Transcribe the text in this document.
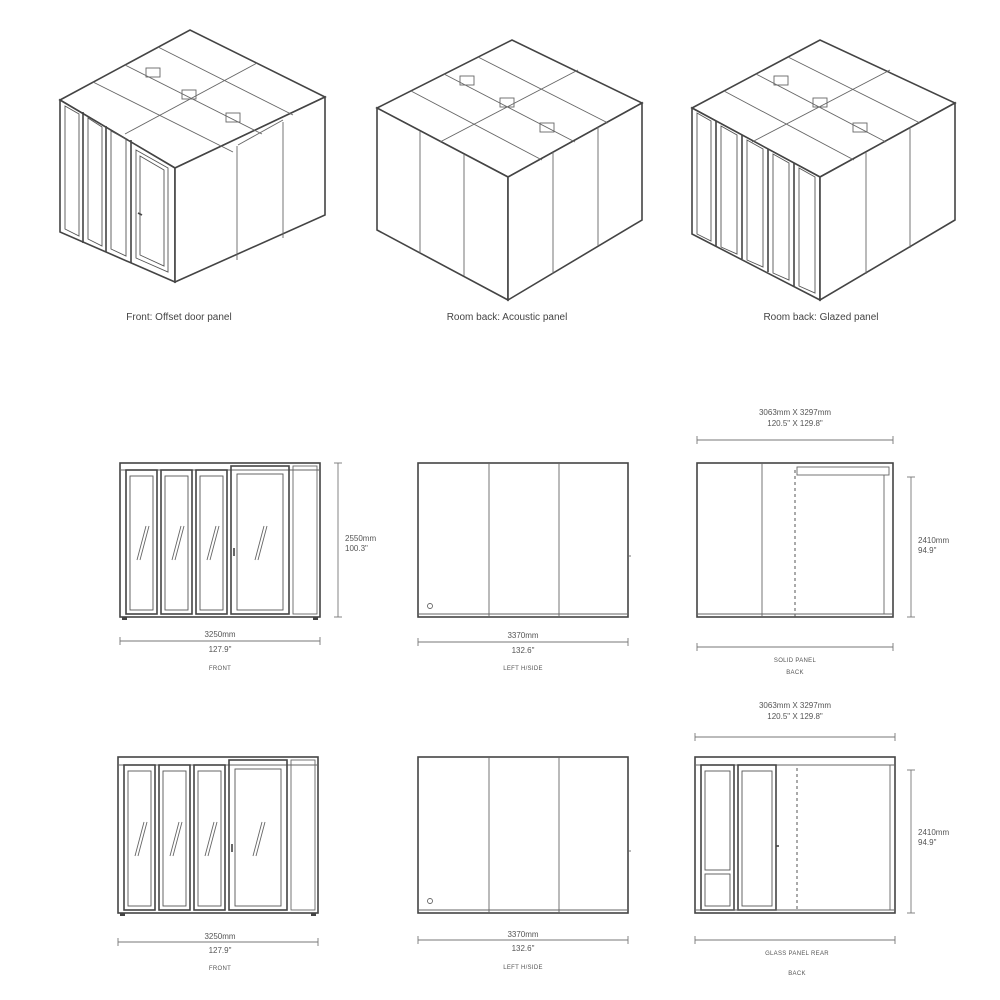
Front: Offset door panel	Room back: Acoustic panel	Room back: Glazed panel
2550mm
100.3"
3250mm
127.9"
FRONT
3370mm
132.6"
LEFT H/SIDE
3063mm X 3297mm
120.5" X 129.8"
2410mm
94.9"
SOLID PANEL
BACK
3250mm
127.9"
FRONT
3370mm
132.6"
LEFT H/SIDE
3063mm X 3297mm
120.5" X 129.8"
2410mm
94.9"
GLASS PANEL REAR
BACK
